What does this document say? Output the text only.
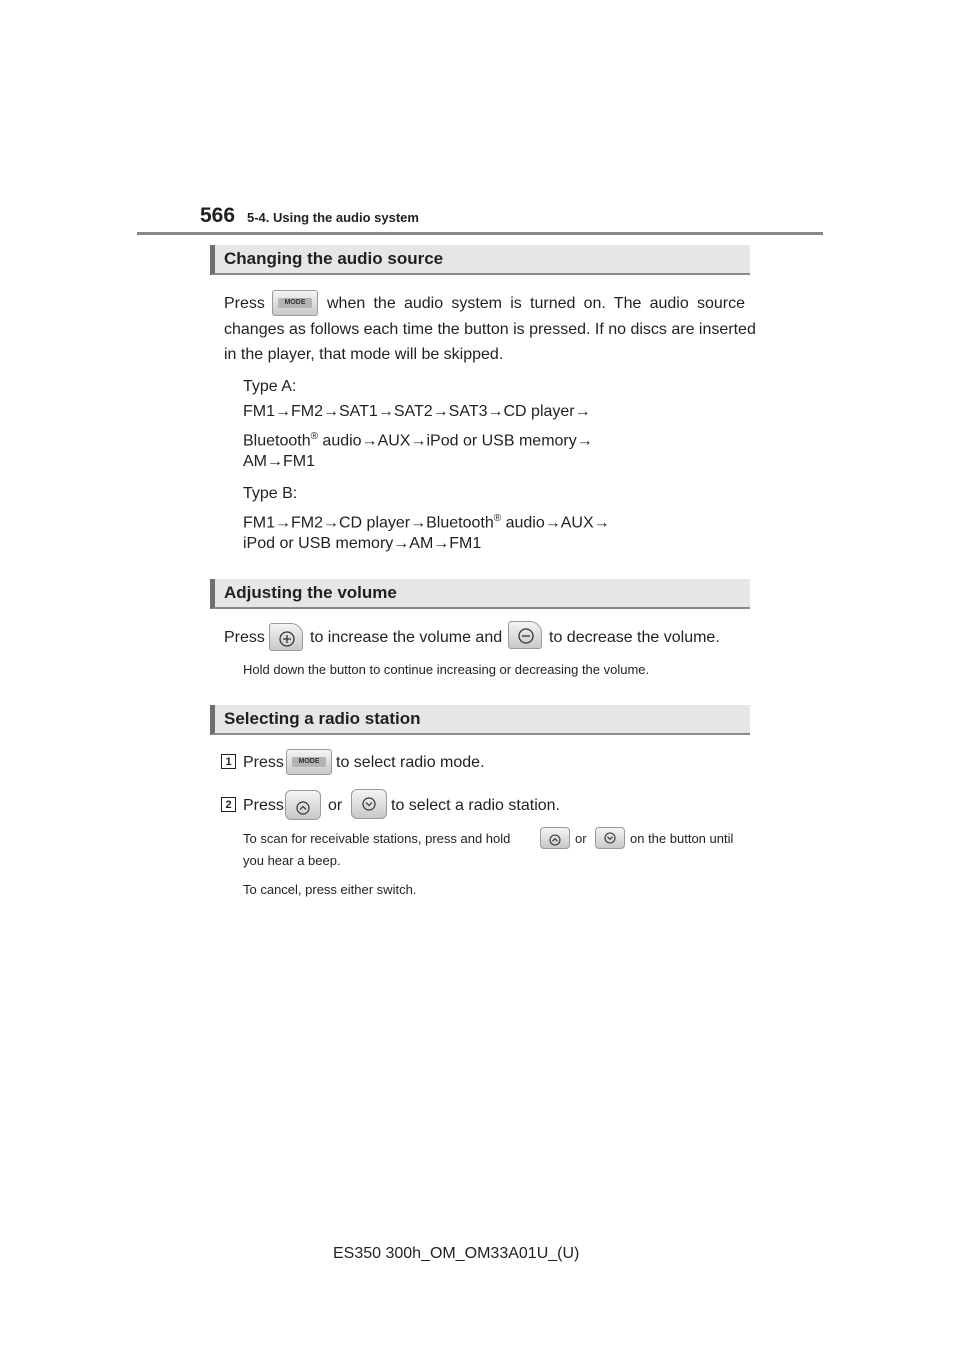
566 5-4. Using the audio system
Changing the audio source
Press	MODE	when the audio system is turned on. The audio source
changes as follows each time the button is pressed. If no discs are inserted
in the player, that mode will be skipped.
Type A:
FM1→FM2→SAT1→SAT2→SAT3→CD player→
Bluetooth® audio→AUX→iPod or USB memory→
AM→FM1
Type B:
FM1→FM2→CD player→Bluetooth® audio→AUX→
iPod or USB memory→AM→FM1
Adjusting the volume
Press	to increase the volume and	to decrease the volume.
Hold down the button to continue increasing or decreasing the volume.
Selecting a radio station
1 Press	MODE	to select radio mode.
2 Press	or	to select a radio station.
To scan for receivable stations, press and hold	or	on the button until
you hear a beep.
To cancel, press either switch.
ES350 300h_OM_OM33A01U_(U)
